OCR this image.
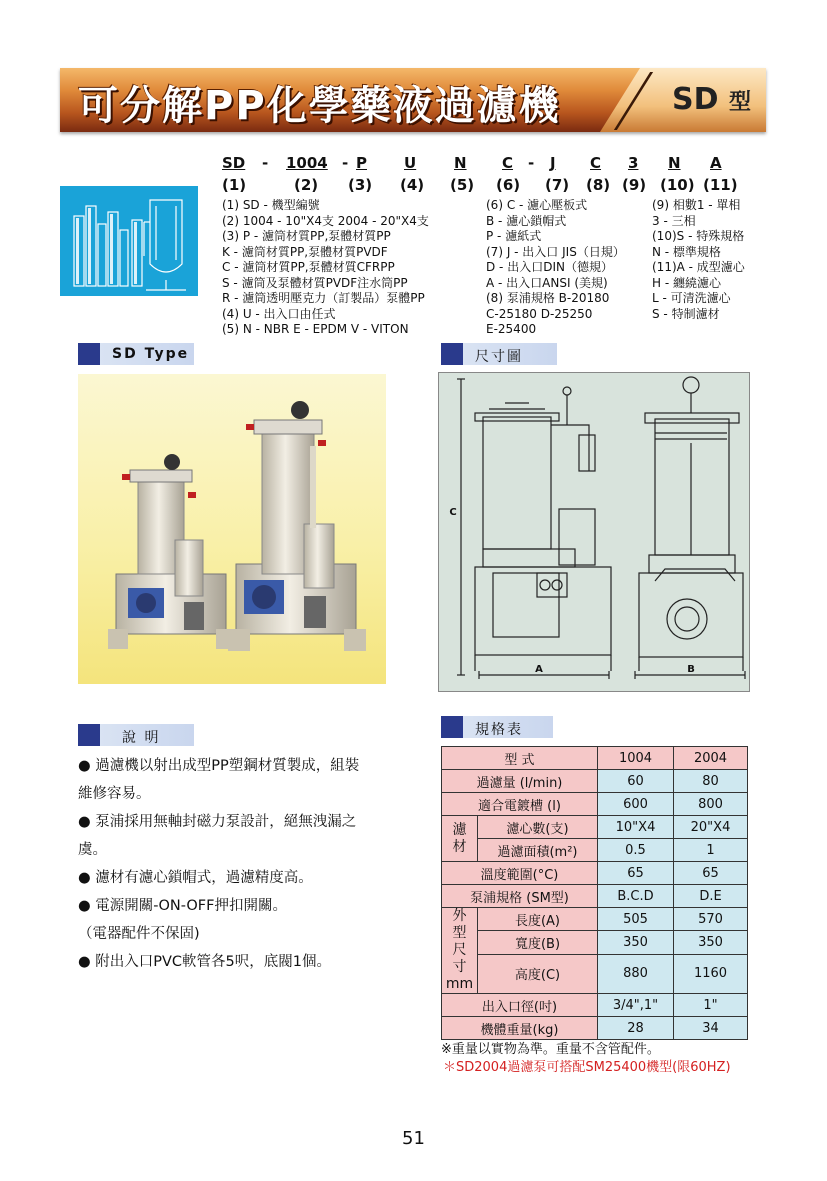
可分解PP化學藥液過濾機	SD 型
SD - 1004 - P U	N C - J C 3 N A
(1)	(2) (3) (4) (5) (6) (7) (8) (9) (10) (11)
(1) SD - 機型編號
(2) 1004 - 10"X4支 2004 - 20"X4支
(3) P - 濾筒材質PP,泵體材質PP
K - 濾筒材質PP,泵體材質PVDF
C - 濾筒材質PP,泵體材質CFRPP
S - 濾筒及泵體材質PVDF注水筒PP
R - 濾筒透明壓克力（訂製品）泵體PP
(4) U - 出入口由任式
(5) N - NBR E - EPDM V - VITON
(6) C - 濾心壓板式
B - 濾心鎖帽式
P - 濾紙式
(7) J - 出入口 JIS（日規）
D - 出入口DIN（德規）
A - 出入口ANSI (美規)
(8) 泵浦規格 B-20180
C-25180 D-25250
E-25400
(9) 相數1 - 單相
3 - 三相
(10)S - 特殊規格
N - 標準規格
(11)A - 成型濾心
H - 纏繞濾心
L - 可清洗濾心
S - 特制濾材
SD Type	尺寸圖
說 明	規格表
A	B
C
● 過濾機以射出成型PP塑鋼材質製成，組裝
維修容易。
● 泵浦採用無軸封磁力泵設計，絕無洩漏之
虞。
● 濾材有濾心鎖帽式，過濾精度高。
● 電源開關-ON-OFF押扣開關。
（電器配件不保固)
● 附出入口PVC軟管各5呎，底閥1個。
型 式		1004	2004
過濾量 (l/min)		60	80
適合電鍍槽 (l)		600	800
濾
材	濾心數(支)	10"X4	20"X4
	過濾面積(m²)	0.5	1
溫度範圍(°C)		65	65
泵浦規格 (SM型)		B.C.D	D.E
外
型
尺
寸
mm	長度(A)	505	570
	寬度(B)	350	350
	高度(C)	880	1160
出入口徑(吋)		3/4",1"	1"
機體重量(kg)		28	34
※重量以實物為準。重量不含管配件。
＊SD2004過濾泵可搭配SM25400機型(限60HZ)
51
